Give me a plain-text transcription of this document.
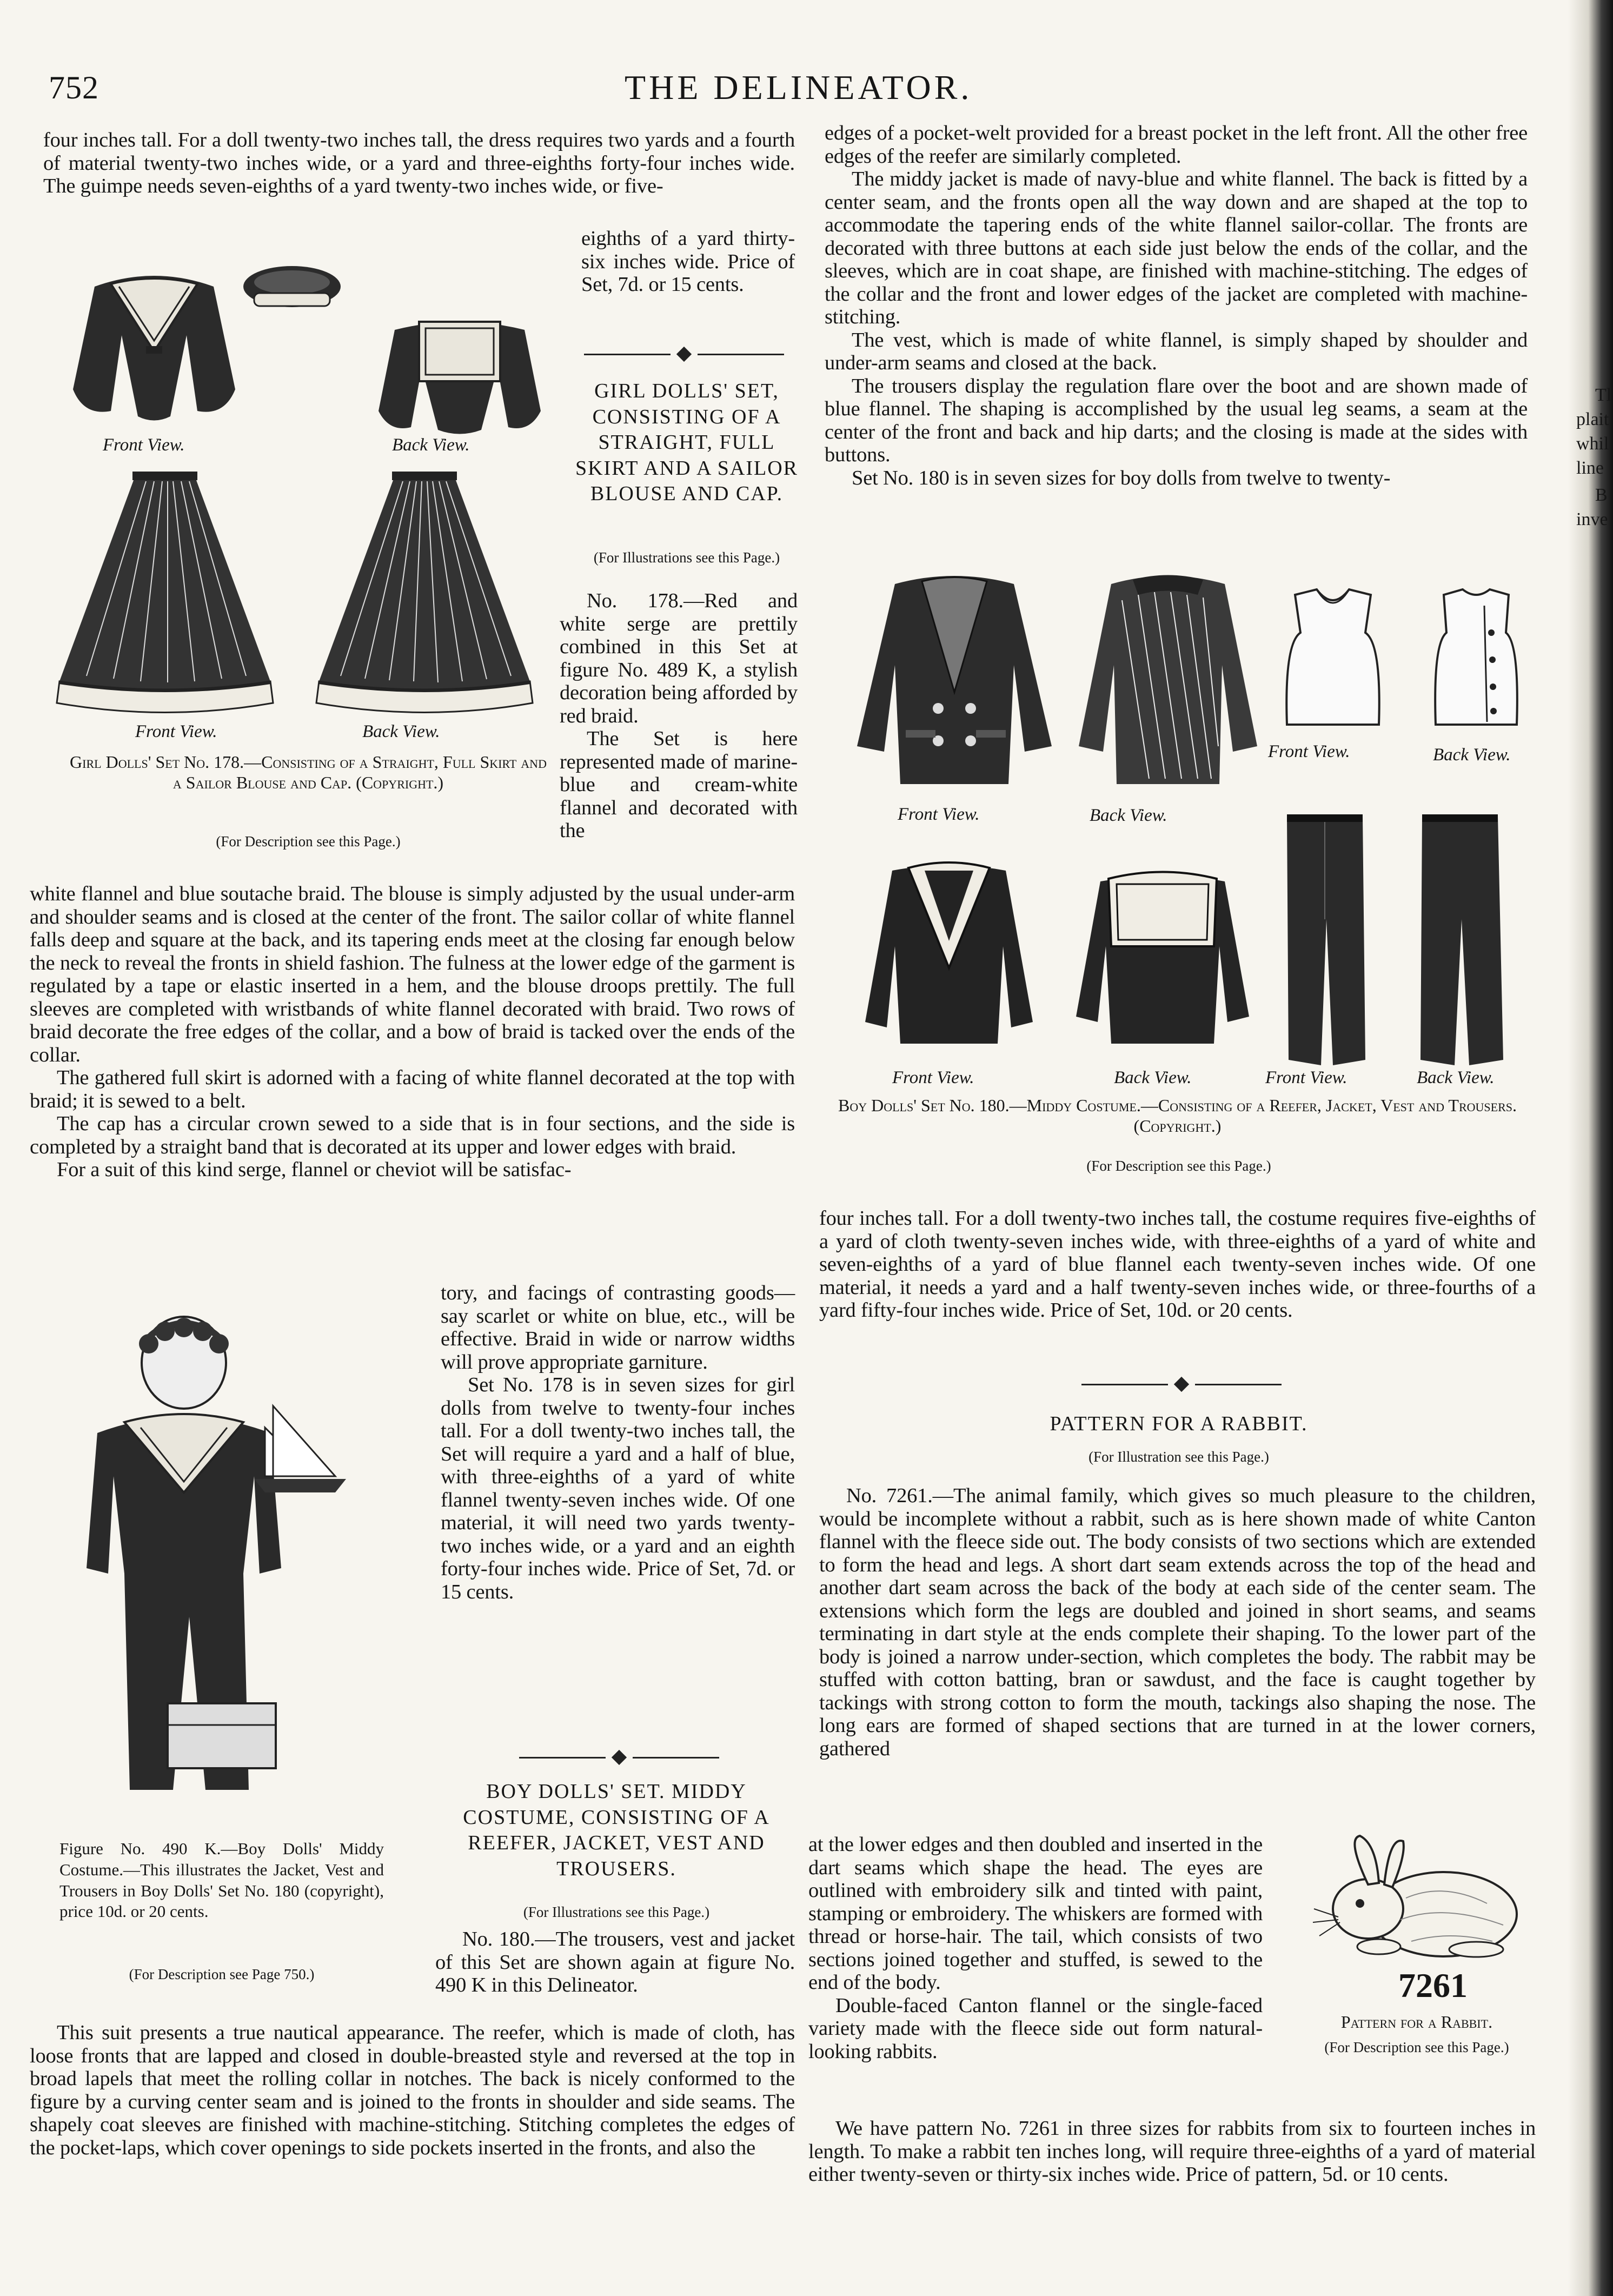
752	THE DELINEATOR.

four inches tall. For a doll twenty-two inches tall, the dress requires two yards and a fourth of material twenty-two inches wide, or a yard and three-eighths forty-four inches wide. The guimpe needs seven-eighths of a yard twenty-two inches wide, or five-

eighths of a yard thirty-six inches wide. Price of Set, 7d. or 15 cents.

Front View.	Back View.
Front View.	Back View.
Girl Dolls' Set No. 178.—Consisting of a Straight, Full Skirt and a Sailor Blouse and Cap. (Copyright.)
(For Description see this Page.)

white flannel and blue soutache braid. The blouse is simply adjusted by the usual under-arm and shoulder seams and is closed at the center of the front. The sailor collar of white flannel falls deep and square at the back, and its tapering ends meet at the closing far enough below the neck to reveal the fronts in shield fashion. The fulness at the lower edge of the garment is regulated by a tape or elastic inserted in a hem, and the blouse droops prettily. The full sleeves are completed with wristbands of white flannel decorated with braid. Two rows of braid decorate the free edges of the collar, and a bow of braid is tacked over the ends of the collar.

The gathered full skirt is adorned with a facing of white flannel decorated at the top with braid; it is sewed to a belt.

The cap has a circular crown sewed to a side that is in four sections, and the side is completed by a straight band that is decorated at its upper and lower edges with braid.

For a suit of this kind serge, flannel or cheviot will be satisfac-

tory, and facings of contrasting goods—say scarlet or white on blue, etc., will be effective. Braid in wide or narrow widths will prove appropriate garniture.

Set No. 178 is in seven sizes for girl dolls from twelve to twenty-four inches tall. For a doll twenty-two inches tall, the Set will require a yard and a half of blue, with three-eighths of a yard of white flannel twenty-seven inches wide. Of one material, it will need two yards twenty-two inches wide, or a yard and an eighth forty-four inches wide. Price of Set, 7d. or 15 cents.

Figure No. 490 K.—Boy Dolls' Middy Costume.—This illustrates the Jacket, Vest and Trousers in Boy Dolls' Set No. 180 (copyright), price 10d. or 20 cents.
(For Description see Page 750.)

This suit presents a true nautical appearance. The reefer, which is made of cloth, has loose fronts that are lapped and closed in double-breasted style and reversed at the top in broad lapels that meet the rolling collar in notches. The back is nicely conformed to the figure by a curving center seam and is joined to the fronts in shoulder and side seams. The shapely coat sleeves are finished with machine-stitching. Stitching completes the edges of the pocket-laps, which cover openings to side pockets inserted in the fronts, and also the

GIRL DOLLS' SET, CONSISTING OF A STRAIGHT, FULL SKIRT AND A SAILOR BLOUSE AND CAP.
(For Illustrations see this Page.)

No. 178.—Red and white serge are prettily combined in this Set at figure No. 489 K, a stylish decoration being afforded by red braid.

The Set is here represented made of marine-blue and cream-white flannel and decorated with the

BOY DOLLS' SET. MIDDY COSTUME, CONSISTING OF A REEFER, JACKET, VEST AND TROUSERS.
(For Illustrations see this Page.)

No. 180.—The trousers, vest and jacket of this Set are shown again at figure No. 490 K in this Delineator.

edges of a pocket-welt provided for a breast pocket in the left front. All the other free edges of the reefer are similarly completed.

The middy jacket is made of navy-blue and white flannel. The back is fitted by a center seam, and the fronts open all the way down and are shaped at the top to accommodate the tapering ends of the white flannel sailor-collar. The fronts are decorated with three buttons at each side just below the ends of the collar, and the sleeves, which are in coat shape, are finished with machine-stitching. The edges of the collar and the front and lower edges of the jacket are completed with machine-stitching.

The vest, which is made of white flannel, is simply shaped by shoulder and under-arm seams and closed at the back.

The trousers display the regulation flare over the boot and are shown made of blue flannel. The shaping is accomplished by the usual leg seams, a seam at the center of the front and back and hip darts; and the closing is made at the sides with buttons.

Set No. 180 is in seven sizes for boy dolls from twelve to twenty-

Front View.	Back View.
Front View.	Back View.
Front View.	Back View.	Front View.	Back View.
Boy Dolls' Set No. 180.—Middy Costume.—Consisting of a Reefer, Jacket, Vest and Trousers. (Copyright.)
(For Description see this Page.)

four inches tall. For a doll twenty-two inches tall, the costume requires five-eighths of a yard of cloth twenty-seven inches wide, with three-eighths of a yard of white and seven-eighths of a yard of blue flannel each twenty-seven inches wide. Of one material, it needs a yard and a half twenty-seven inches wide, or three-fourths of a yard fifty-four inches wide. Price of Set, 10d. or 20 cents.

PATTERN FOR A RABBIT.
(For Illustration see this Page.)

No. 7261.—The animal family, which gives so much pleasure to the children, would be incomplete without a rabbit, such as is here shown made of white Canton flannel with the fleece side out. The body consists of two sections which are extended to form the head and legs. A short dart seam extends across the top of the head and another dart seam across the back of the body at each side of the center seam. The extensions which form the legs are doubled and joined in short seams, and seams terminating in dart style at the ends complete their shaping. To the lower part of the body is joined a narrow under-section, which completes the body. The rabbit may be stuffed with cotton batting, bran or sawdust, and the face is caught together by tackings with strong cotton to form the mouth, tackings also shaping the nose. The long ears are formed of shaped sections that are turned in at the lower corners, gathered

at the lower edges and then doubled and inserted in the dart seams which shape the head. The eyes are outlined with embroidery silk and tinted with paint, stamping or embroidery. The whiskers are formed with thread or horse-hair. The tail, which consists of two sections joined together and stuffed, is sewed to the end of the body.

Double-faced Canton flannel or the single-faced variety made with the fleece side out form natural-looking rabbits.

7261
Pattern for a Rabbit.
(For Description see this Page.)

We have pattern No. 7261 in three sizes for rabbits from six to fourteen inches in length. To make a rabbit ten inches long, will require three-eighths of a yard of material either twenty-seven or thirty-six inches wide. Price of pattern, 5d. or 10 cents.

Tl
plait
whil
line
B
inve
